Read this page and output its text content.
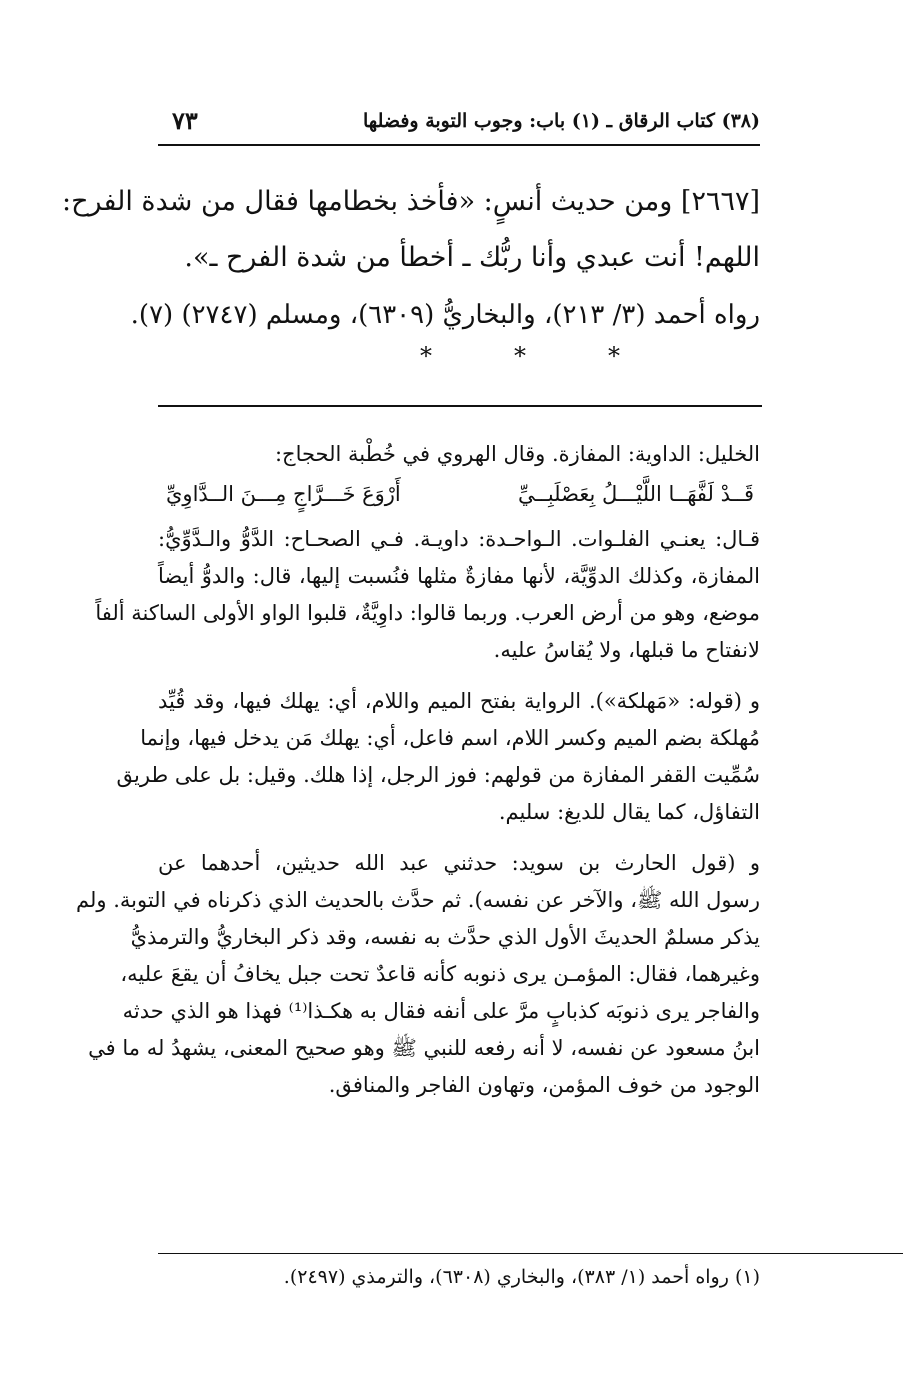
(٣٨) كتاب الرقاق ـ (١) باب: وجوب التوبة وفضلها
٧٣
[٢٦٦٧] ومن حديث أنسٍ: «فأخذ بخطامها فقال من شدة الفرح:
اللهم! أنت عبدي وأنا ربُّك ـ أخطأ من شدة الفرح ـ».
رواه أحمد (٣/ ٢١٣)، والبخاريُّ (٦٣٠٩)، ومسلم (٢٧٤٧) (٧).
*	*	*
الخليل: الداوية: المفازة. وقال الهروي في خُطْبة الحجاج:
قَــدْ لَفَّهَــا اللَّيْـــلُ بِعَصْلَبِــيِّ
أَرْوَعَ خَـــرَّاجٍ مِـــنَ الــدَّاوِيِّ
قـال: يعنـي الفلـوات. الـواحـدة: داويـة. فـي الصحـاح: الدَّوُّ والـدَّوِّيُّ:
المفازة، وكذلك الدوِّيَّة، لأنها مفازةٌ مثلها فنُسبت إليها، قال: والدوُّ أيضاً
موضع، وهو من أرض العرب. وربما قالوا: داوِيَّةٌ، قلبوا الواو الأولى الساكنة ألفاً
لانفتاح ما قبلها، ولا يُقاسُ عليه.
و (قوله: «مَهلكة»). الرواية بفتح الميم واللام، أي: يهلك فيها، وقد قُيِّد
مُهلكة بضم الميم وكسر اللام، اسم فاعل، أي: يهلك مَن يدخل فيها، وإنما
سُمِّيت القفر المفازة من قولهم: فوز الرجل، إذا هلك. وقيل: بل على طريق
التفاؤل، كما يقال للديغ: سليم.
و (قول الحارث بن سويد: حدثني عبد الله حديثين، أحدهما عن
رسول الله ﷺ، والآخر عن نفسه). ثم حدَّث بالحديث الذي ذكرناه في التوبة. ولم
يذكر مسلمٌ الحديثَ الأول الذي حدَّث به نفسه، وقد ذكر البخاريُّ والترمذيُّ
وغيرهما، فقال: المؤمـن يرى ذنوبه كأنه قاعدٌ تحت جبل يخافُ أن يقعَ عليه،
والفاجر يرى ذنوبَه كذبابٍ مرَّ على أنفه فقال به هكـذا⁽¹⁾ فهذا هو الذي حدثه
ابنُ مسعود عن نفسه، لا أنه رفعه للنبي ﷺ وهو صحيح المعنى، يشهدُ له ما في
الوجود من خوف المؤمن، وتهاون الفاجر والمنافق.
(١) رواه أحمد (١/ ٣٨٣)، والبخاري (٦٣٠٨)، والترمذي (٢٤٩٧).
